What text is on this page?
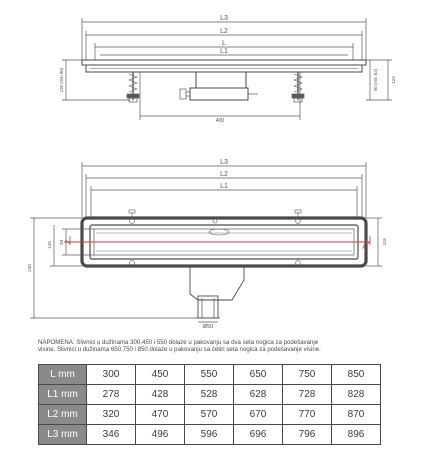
L3
L2
L
L1
400
120 (min 85)	90 (min 52)	123
L3
L2
L1
240
120 84	118
Ø50
A
NAPOMENA: Slivnici u dužinama 300,450 i 550 dolaze u pakovanju sa dva seta nogica za podešavanje
visine. Slivnici u dužinama 650,750 i 850 dolaze u pakovanju sa četiri seta nogica za podešavanje visine.
L mm	300	450	550	650	750	850
L1 mm	278	428	528	628	728	828
L2 mm	320	470	570	670	770	870
L3 mm	346	496	596	696	796	896
